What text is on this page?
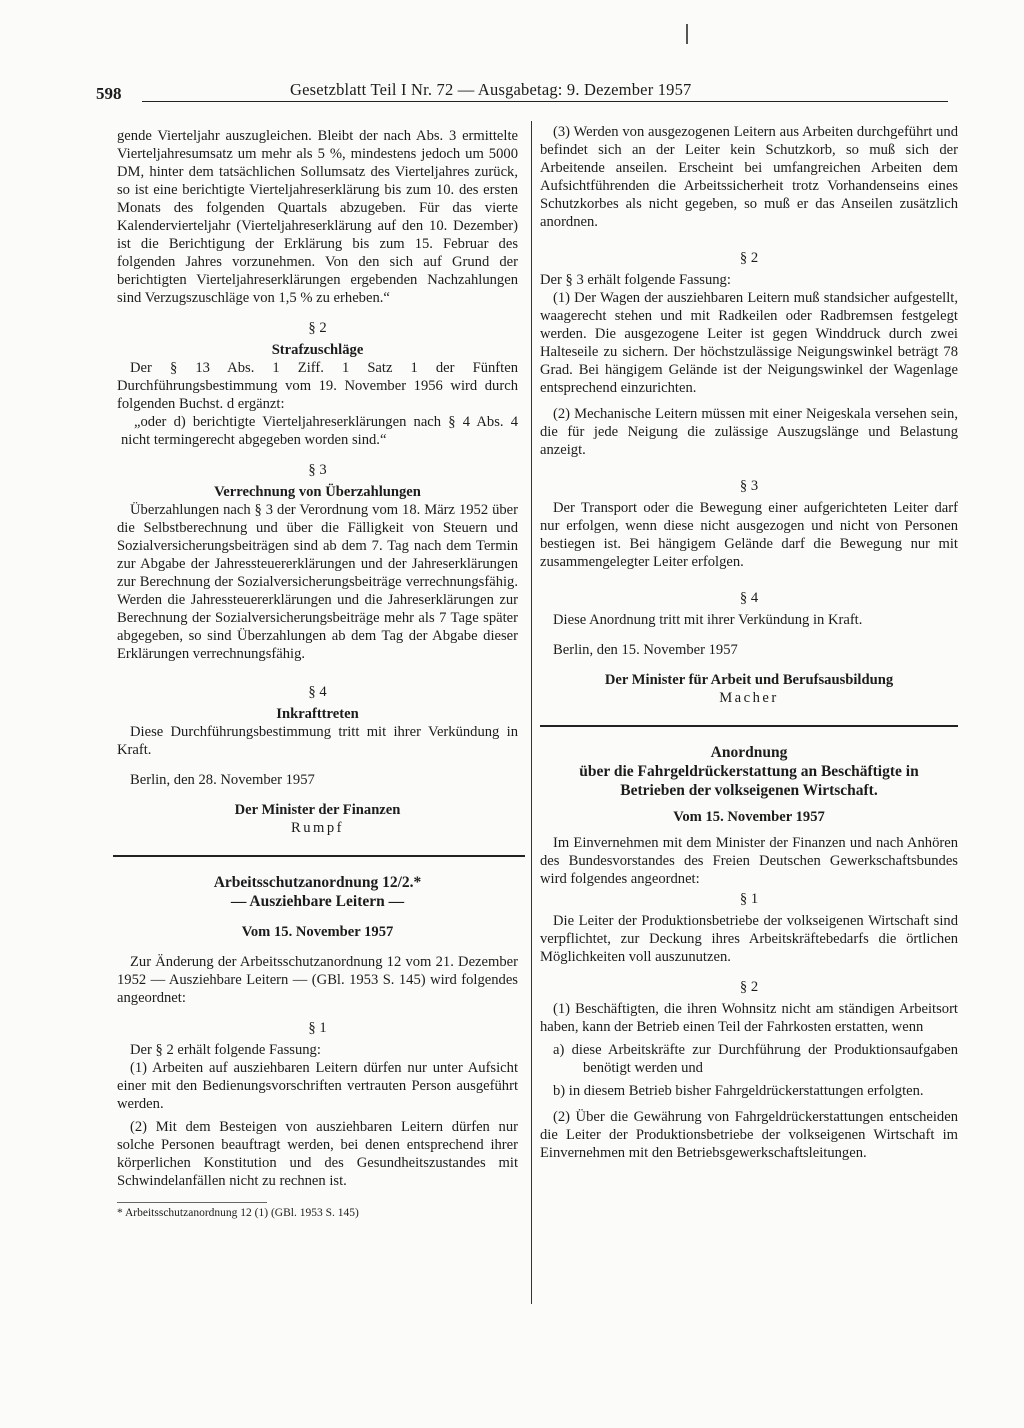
598	Gesetzblatt Teil I Nr. 72 — Ausgabetag: 9. Dezember 1957

gende Vierteljahr auszugleichen. Bleibt der nach Abs. 3 ermittelte Vierteljahresumsatz um mehr als 5 %, mindestens jedoch um 5000 DM, hinter dem tatsächlichen Sollumsatz des Vierteljahres zurück, so ist eine berichtigte Vierteljahreserklärung bis zum 10. des ersten Monats des folgenden Quartals abzugeben. Für das vierte Kalendervierteljahr (Vierteljahreserklärung auf den 10. Dezember) ist die Berichtigung der Erklärung bis zum 15. Februar des folgenden Jahres vorzunehmen. Von den sich auf Grund der berichtigten Vierteljahreserklärungen ergebenden Nachzahlungen sind Verzugszuschläge von 1,5 % zu erheben.“

§ 2

Strafzuschläge

Der § 13 Abs. 1 Ziff. 1 Satz 1 der Fünften Durchführungsbestimmung vom 19. November 1956 wird durch folgenden Buchst. d ergänzt:

„oder d) berichtigte Vierteljahreserklärungen nach § 4 Abs. 4 nicht termingerecht abgegeben worden sind.“

§ 3

Verrechnung von Überzahlungen

Überzahlungen nach § 3 der Verordnung vom 18. März 1952 über die Selbstberechnung und über die Fälligkeit von Steuern und Sozialversicherungsbeiträgen sind ab dem 7. Tag nach dem Termin zur Abgabe der Jahressteuererklärungen und der Jahreserklärungen zur Berechnung der Sozialversicherungsbeiträge verrechnungsfähig. Werden die Jahressteuererklärungen und die Jahreserklärungen zur Berechnung der Sozialversicherungsbeiträge mehr als 7 Tage später abgegeben, so sind Überzahlungen ab dem Tag der Abgabe dieser Erklärungen verrechnungsfähig.

§ 4

Inkrafttreten

Diese Durchführungsbestimmung tritt mit ihrer Verkündung in Kraft.

Berlin, den 28. November 1957

Der Minister der Finanzen

Rumpf

Arbeitsschutzanordnung 12/2.*

— Ausziehbare Leitern —

Vom 15. November 1957

Zur Änderung der Arbeitsschutzanordnung 12 vom 21. Dezember 1952 — Ausziehbare Leitern — (GBl. 1953 S. 145) wird folgendes angeordnet:

§ 1

Der § 2 erhält folgende Fassung:

(1) Arbeiten auf ausziehbaren Leitern dürfen nur unter Aufsicht einer mit den Bedienungsvorschriften vertrauten Person ausgeführt werden.

(2) Mit dem Besteigen von ausziehbaren Leitern dürfen nur solche Personen beauftragt werden, bei denen entsprechend ihrer körperlichen Konstitution und des Gesundheitszustandes mit Schwindelanfällen nicht zu rechnen ist.

* Arbeitsschutzanordnung 12 (1) (GBl. 1953 S. 145)

(3) Werden von ausgezogenen Leitern aus Arbeiten durchgeführt und befindet sich an der Leiter kein Schutzkorb, so muß sich der Arbeitende anseilen. Erscheint bei umfangreichen Arbeiten dem Aufsichtführenden die Arbeitssicherheit trotz Vorhandenseins eines Schutzkorbes als nicht gegeben, so muß er das Anseilen zusätzlich anordnen.

§ 2

Der § 3 erhält folgende Fassung:

(1) Der Wagen der ausziehbaren Leitern muß standsicher aufgestellt, waagerecht stehen und mit Radkeilen oder Radbremsen festgelegt werden. Die ausgezogene Leiter ist gegen Winddruck durch zwei Halteseile zu sichern. Der höchstzulässige Neigungswinkel beträgt 78 Grad. Bei hängigem Gelände ist der Neigungswinkel der Wagenlage entsprechend einzurichten.

(2) Mechanische Leitern müssen mit einer Neigeskala versehen sein, die für jede Neigung die zulässige Auszugslänge und Belastung anzeigt.

§ 3

Der Transport oder die Bewegung einer aufgerichteten Leiter darf nur erfolgen, wenn diese nicht ausgezogen und nicht von Personen bestiegen ist. Bei hängigem Gelände darf die Bewegung nur mit zusammengelegter Leiter erfolgen.

§ 4

Diese Anordnung tritt mit ihrer Verkündung in Kraft.

Berlin, den 15. November 1957

Der Minister für Arbeit und Berufsausbildung

Macher

Anordnung

über die Fahrgeldrückerstattung an Beschäftigte in

Betrieben der volkseigenen Wirtschaft.

Vom 15. November 1957

Im Einvernehmen mit dem Minister der Finanzen und nach Anhören des Bundesvorstandes des Freien Deutschen Gewerkschaftsbundes wird folgendes angeordnet:

§ 1

Die Leiter der Produktionsbetriebe der volkseigenen Wirtschaft sind verpflichtet, zur Deckung ihres Arbeitskräftebedarfs die örtlichen Möglichkeiten voll auszunutzen.

§ 2

(1) Beschäftigten, die ihren Wohnsitz nicht am ständigen Arbeitsort haben, kann der Betrieb einen Teil der Fahrkosten erstatten, wenn

a) diese Arbeitskräfte zur Durchführung der Produktionsaufgaben benötigt werden und

b) in diesem Betrieb bisher Fahrgeldrückerstattungen erfolgten.

(2) Über die Gewährung von Fahrgeldrückerstattungen entscheiden die Leiter der Produktionsbetriebe der volkseigenen Wirtschaft im Einvernehmen mit den Betriebsgewerkschaftsleitungen.
